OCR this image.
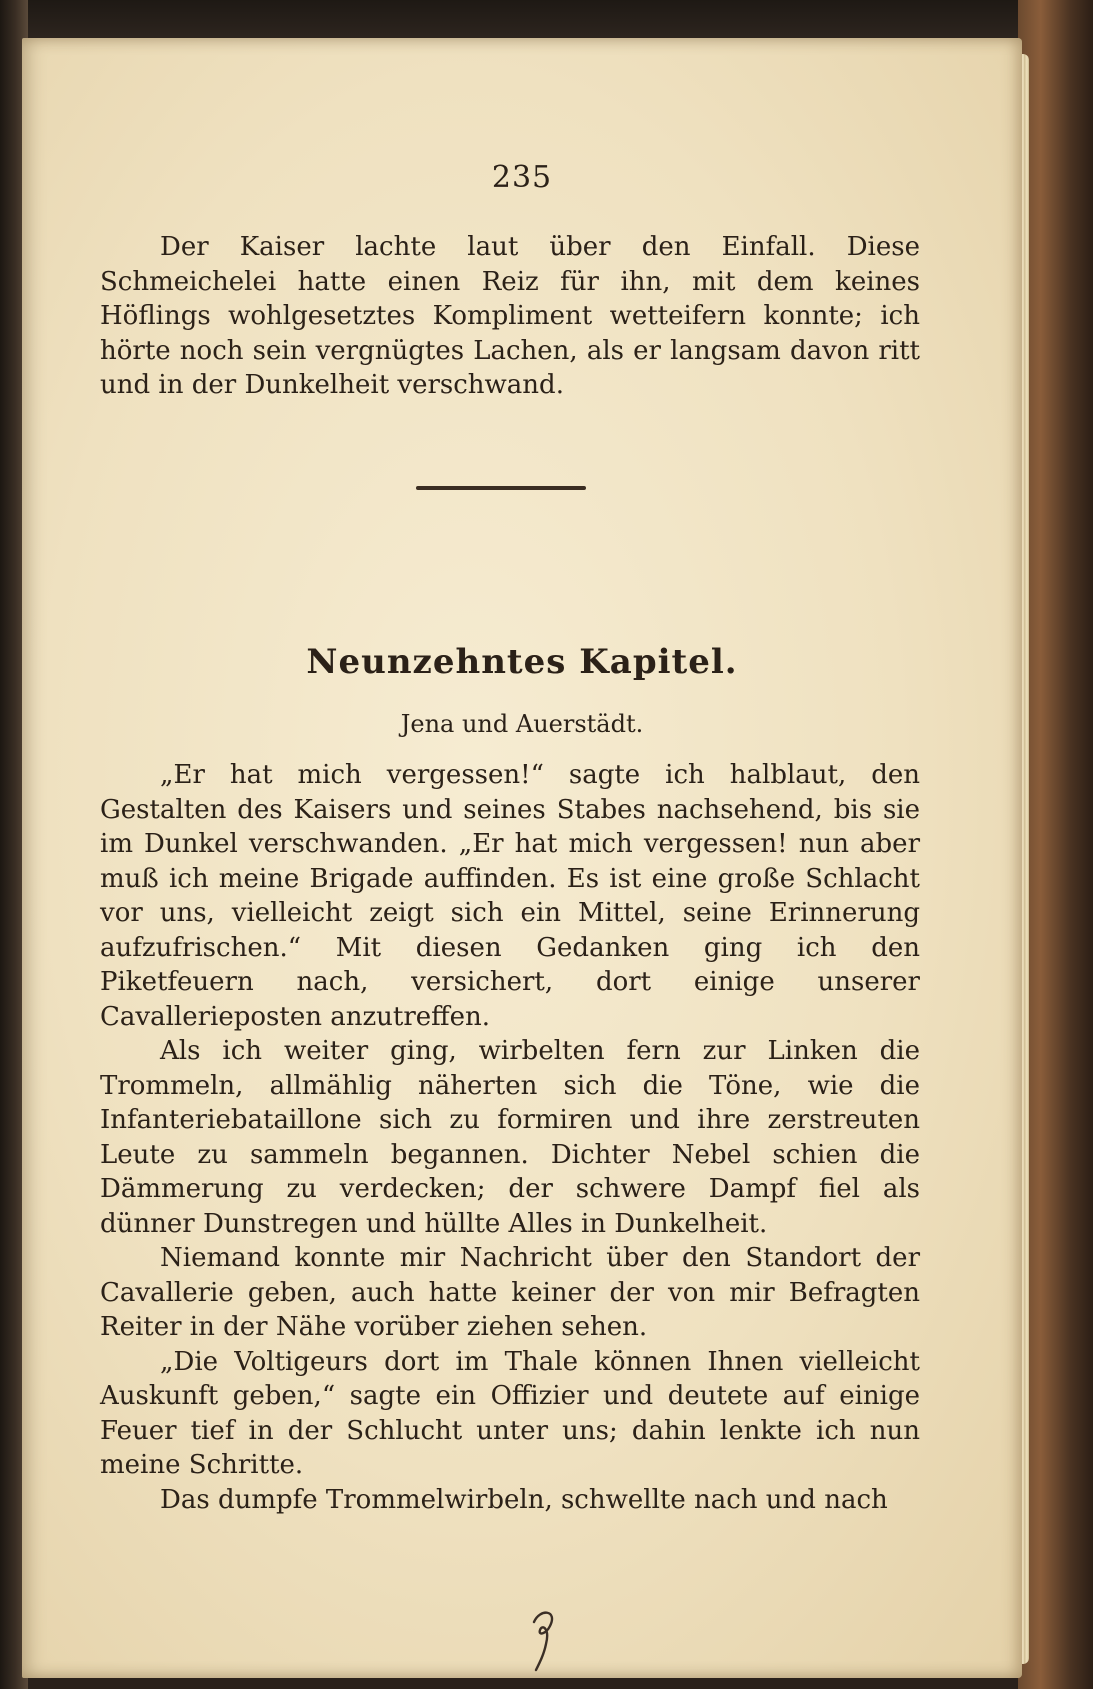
235

Der Kaiser lachte laut über den Einfall. Diese Schmeichelei hatte einen Reiz für ihn, mit dem keines Höflings wohlgesetztes Kompliment wetteifern konnte; ich hörte noch sein vergnügtes Lachen, als er langsam davon ritt und in der Dunkelheit verschwand.

Neunzehntes Kapitel.
Jena und Auerstädt.

„Er hat mich vergessen!“ sagte ich halblaut, den Gestalten des Kaisers und seines Stabes nachsehend, bis sie im Dunkel verschwanden. „Er hat mich vergessen! nun aber muß ich meine Brigade auffinden. Es ist eine große Schlacht vor uns, vielleicht zeigt sich ein Mittel, seine Erinnerung aufzufrischen.“ Mit diesen Gedanken ging ich den Piketfeuern nach, versichert, dort einige unserer Cavallerieposten anzutreffen.

Als ich weiter ging, wirbelten fern zur Linken die Trommeln, allmählig näherten sich die Töne, wie die Infanteriebataillone sich zu formiren und ihre zerstreuten Leute zu sammeln begannen. Dichter Nebel schien die Dämmerung zu verdecken; der schwere Dampf fiel als dünner Dunstregen und hüllte Alles in Dunkelheit.

Niemand konnte mir Nachricht über den Standort der Cavallerie geben, auch hatte keiner der von mir Befragten Reiter in der Nähe vorüber ziehen sehen.

„Die Voltigeurs dort im Thale können Ihnen vielleicht Auskunft geben,“ sagte ein Offizier und deutete auf einige Feuer tief in der Schlucht unter uns; dahin lenkte ich nun meine Schritte.

Das dumpfe Trommelwirbeln, schwellte nach und nach
